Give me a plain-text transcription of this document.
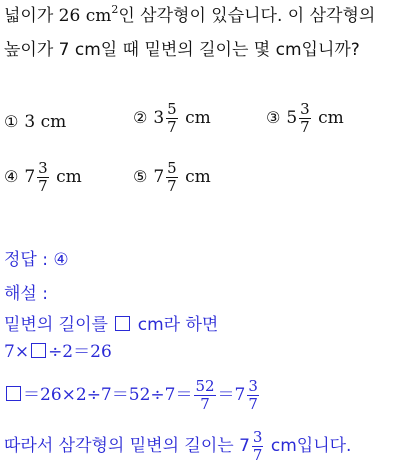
넓이가 26 $cm^2$인 삼각형이 있습니다. 이 삼각형의
높이가 7 cm일 때 밑변의 길이는 몇 cm입니까?
① 3 cm	② $3 \frac{5}{7}$ cm	③ $5 \frac{3}{7}$ cm
④ $7 \frac{3}{7}$ cm	⑤ $7 \frac{5}{7}$ cm
정답 : ④
해설 :
밑변의 길이를  cm라 하면
7× ÷2＝26
$=26\times 2\div 7=52\div 7= \frac{52}{7} =7 \frac{3}{7}$
따라서 삼각형의 밑변의 길이는 $7 \frac{3}{7}$ cm입니다.
